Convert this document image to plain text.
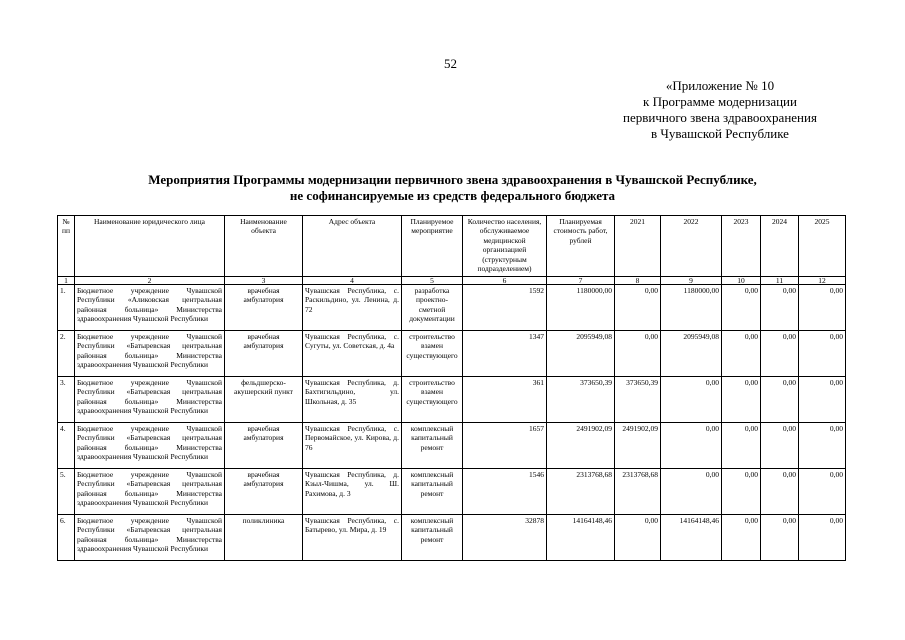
52
«Приложение № 10
к Программе модернизации
первичного звена здравоохранения
в Чувашской Республике
Мероприятия Программы модернизации первичного звена здравоохранения в Чувашской Республике,
не софинансируемые из средств федерального бюджета
№ пп	Наименование юридического лица	Наименование объекта	Адрес объекта	Планируемое мероприятие	Количество населения, обслуживаемое медицинской организацией (структурным подразделением)	Планируемая стоимость работ, рублей	2021	2022	2023	2024	2025
1	2	3	4	5	6	7	8	9	10	11	12
1.	Бюджетное учреждение Чувашской Республики «Аликовская центральная районная больница» Министерства здравоохранения Чувашской Республики	врачебная амбулатория	Чувашская Республика, с. Раскильдино, ул. Ленина, д. 72	разработка проектно-сметной документации	1592	1180000,00	0,00	1180000,00	0,00	0,00	0,00
2.	Бюджетное учреждение Чувашской Республики «Батыревская центральная районная больница» Министерства здравоохранения Чувашской Республики	врачебная амбулатория	Чувашская Республика, с. Сугуты, ул. Советская, д. 4а	строительство взамен существующего	1347	2095949,08	0,00	2095949,08	0,00	0,00	0,00
3.	Бюджетное учреждение Чувашской Республики «Батыревская центральная районная больница» Министерства здравоохранения Чувашской Республики	фельдшерско-акушерский пункт	Чувашская Республика, д. Бахтигильдино, ул. Школьная, д. 35	строительство взамен существующего	361	373650,39	373650,39	0,00	0,00	0,00	0,00
4.	Бюджетное учреждение Чувашской Республики «Батыревская центральная районная больница» Министерства здравоохранения Чувашской Республики	врачебная амбулатория	Чувашская Республика, с. Первомайское, ул. Кирова, д. 76	комплексный капитальный ремонт	1657	2491902,09	2491902,09	0,00	0,00	0,00	0,00
5.	Бюджетное учреждение Чувашской Республики «Батыревская центральная районная больница» Министерства здравоохранения Чувашской Республики	врачебная амбулатория	Чувашская Республика, д. Кзыл-Чишма, ул. Ш. Рахимова, д. 3	комплексный капитальный ремонт	1546	2313768,68	2313768,68	0,00	0,00	0,00	0,00
6.	Бюджетное учреждение Чувашской Республики «Батыревская центральная районная больница» Министерства здравоохранения Чувашской Республики	поликлиника	Чувашская Республика, с. Батырево, ул. Мира, д. 19	комплексный капитальный ремонт	32878	14164148,46	0,00	14164148,46	0,00	0,00	0,00
